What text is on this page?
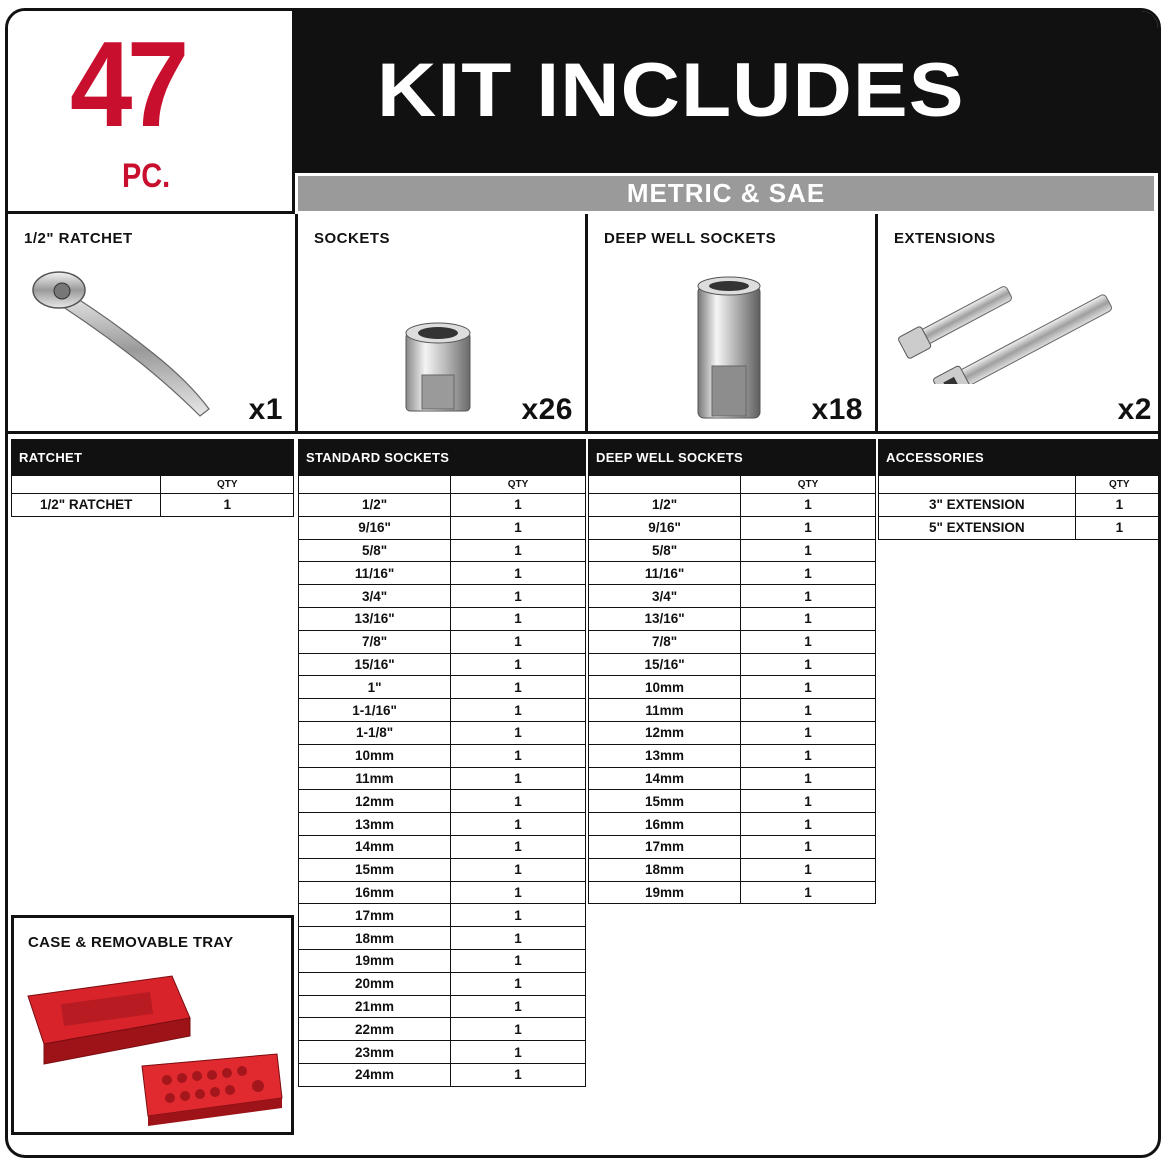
47
PC.
KIT INCLUDES
METRIC & SAE
1/2" RATCHET
x1
SOCKETS
x26
DEEP WELL SOCKETS
x18
EXTENSIONS
x2
RATCHET
	QTY
1/2" RATCHET	1
STANDARD SOCKETS
	QTY
1/2"	1
9/16"	1
5/8"	1
11/16"	1
3/4"	1
13/16"	1
7/8"	1
15/16"	1
1"	1
1-1/16"	1
1-1/8"	1
10mm	1
11mm	1
12mm	1
13mm	1
14mm	1
15mm	1
16mm	1
17mm	1
18mm	1
19mm	1
20mm	1
21mm	1
22mm	1
23mm	1
24mm	1
DEEP WELL SOCKETS
	QTY
1/2"	1
9/16"	1
5/8"	1
11/16"	1
3/4"	1
13/16"	1
7/8"	1
15/16"	1
10mm	1
11mm	1
12mm	1
13mm	1
14mm	1
15mm	1
16mm	1
17mm	1
18mm	1
19mm	1
ACCESSORIES
	QTY
3" EXTENSION	1
5" EXTENSION	1
CASE & REMOVABLE TRAY
